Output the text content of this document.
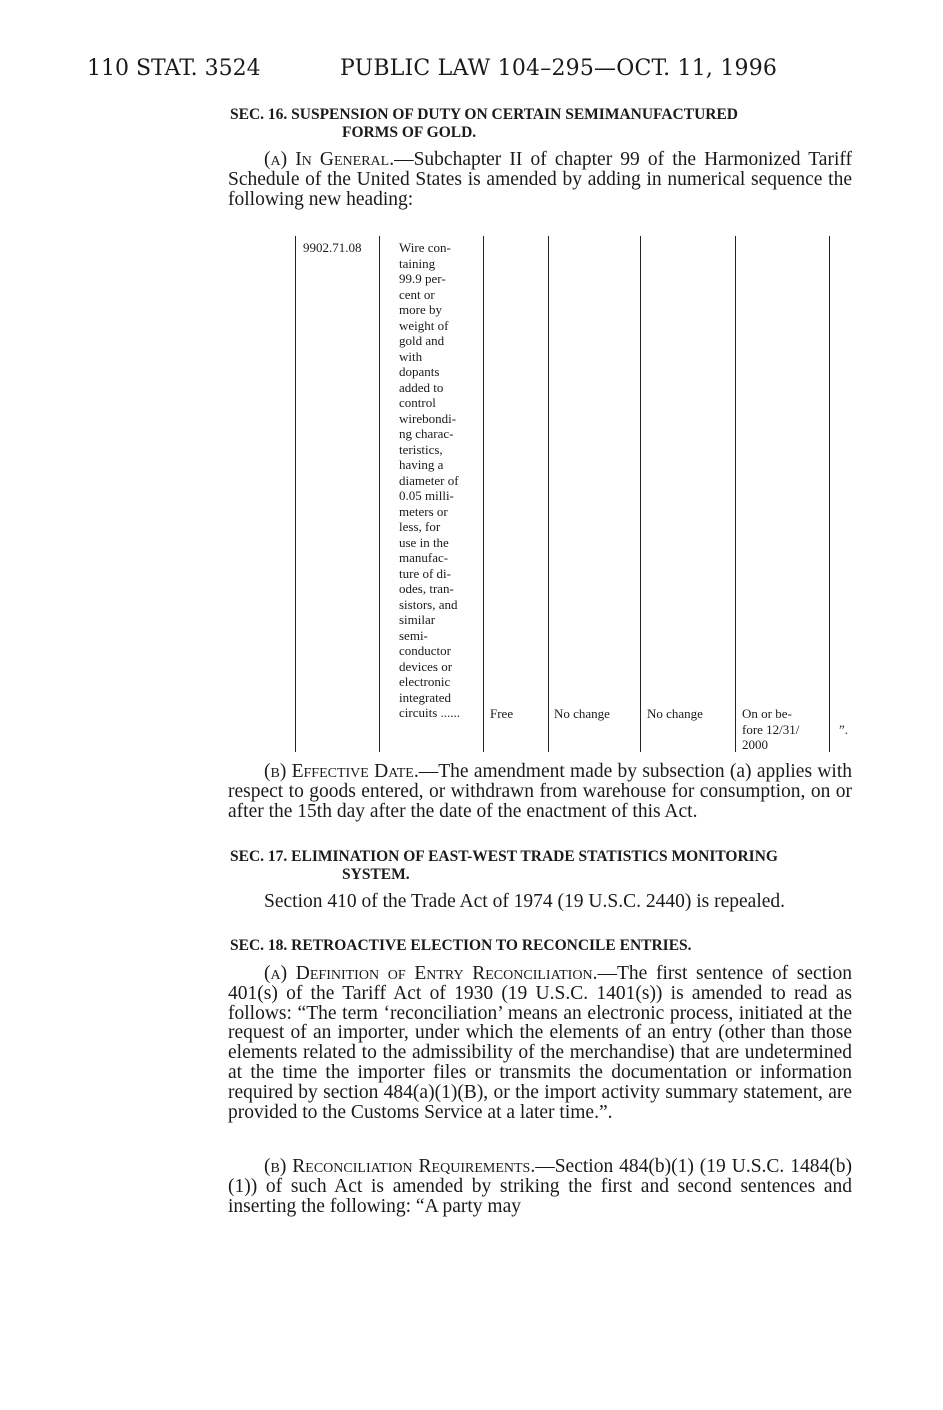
110 STAT. 3524	PUBLIC LAW 104–295—OCT. 11, 1996
SEC. 16. SUSPENSION OF DUTY ON CERTAIN SEMIMANUFACTURED
FORMS OF GOLD.
(a) In General.—Subchapter II of chapter 99 of the Harmonized Tariff Schedule of the United States is amended by adding in numerical sequence the following new heading:
9902.71.08	Wire con-
taining
99.9 per-
cent or
more by
weight of
gold and
with
dopants
added to
control
wirebondi-
ng charac-
teristics,
having a
diameter of
0.05 milli-
meters or
less, for
use in the
manufac-
ture of di-
odes, tran-
sistors, and
similar
semi-
conductor
devices or
electronic
integrated
circuits ......	Free	No change	No change	On or be-
fore 12/31/
2000
”.
(b) Effective Date.—The amendment made by subsection (a) applies with respect to goods entered, or withdrawn from warehouse for consumption, on or after the 15th day after the date of the enactment of this Act.
SEC. 17. ELIMINATION OF EAST-WEST TRADE STATISTICS MONITORING
SYSTEM.
Section 410 of the Trade Act of 1974 (19 U.S.C. 2440) is repealed.
SEC. 18. RETROACTIVE ELECTION TO RECONCILE ENTRIES.
(a) Definition of Entry Reconciliation.—The first sentence of section 401(s) of the Tariff Act of 1930 (19 U.S.C. 1401(s)) is amended to read as follows: “The term ‘reconciliation’ means an electronic process, initiated at the request of an importer, under which the elements of an entry (other than those elements related to the admissibility of the merchandise) that are undetermined at the time the importer files or transmits the documentation or information required by section 484(a)(1)(B), or the import activity summary statement, are provided to the Customs Service at a later time.”.
(b) Reconciliation Requirements.—Section 484(b)(1) (19 U.S.C. 1484(b)(1)) of such Act is amended by striking the first and second sentences and inserting the following: “A party may
